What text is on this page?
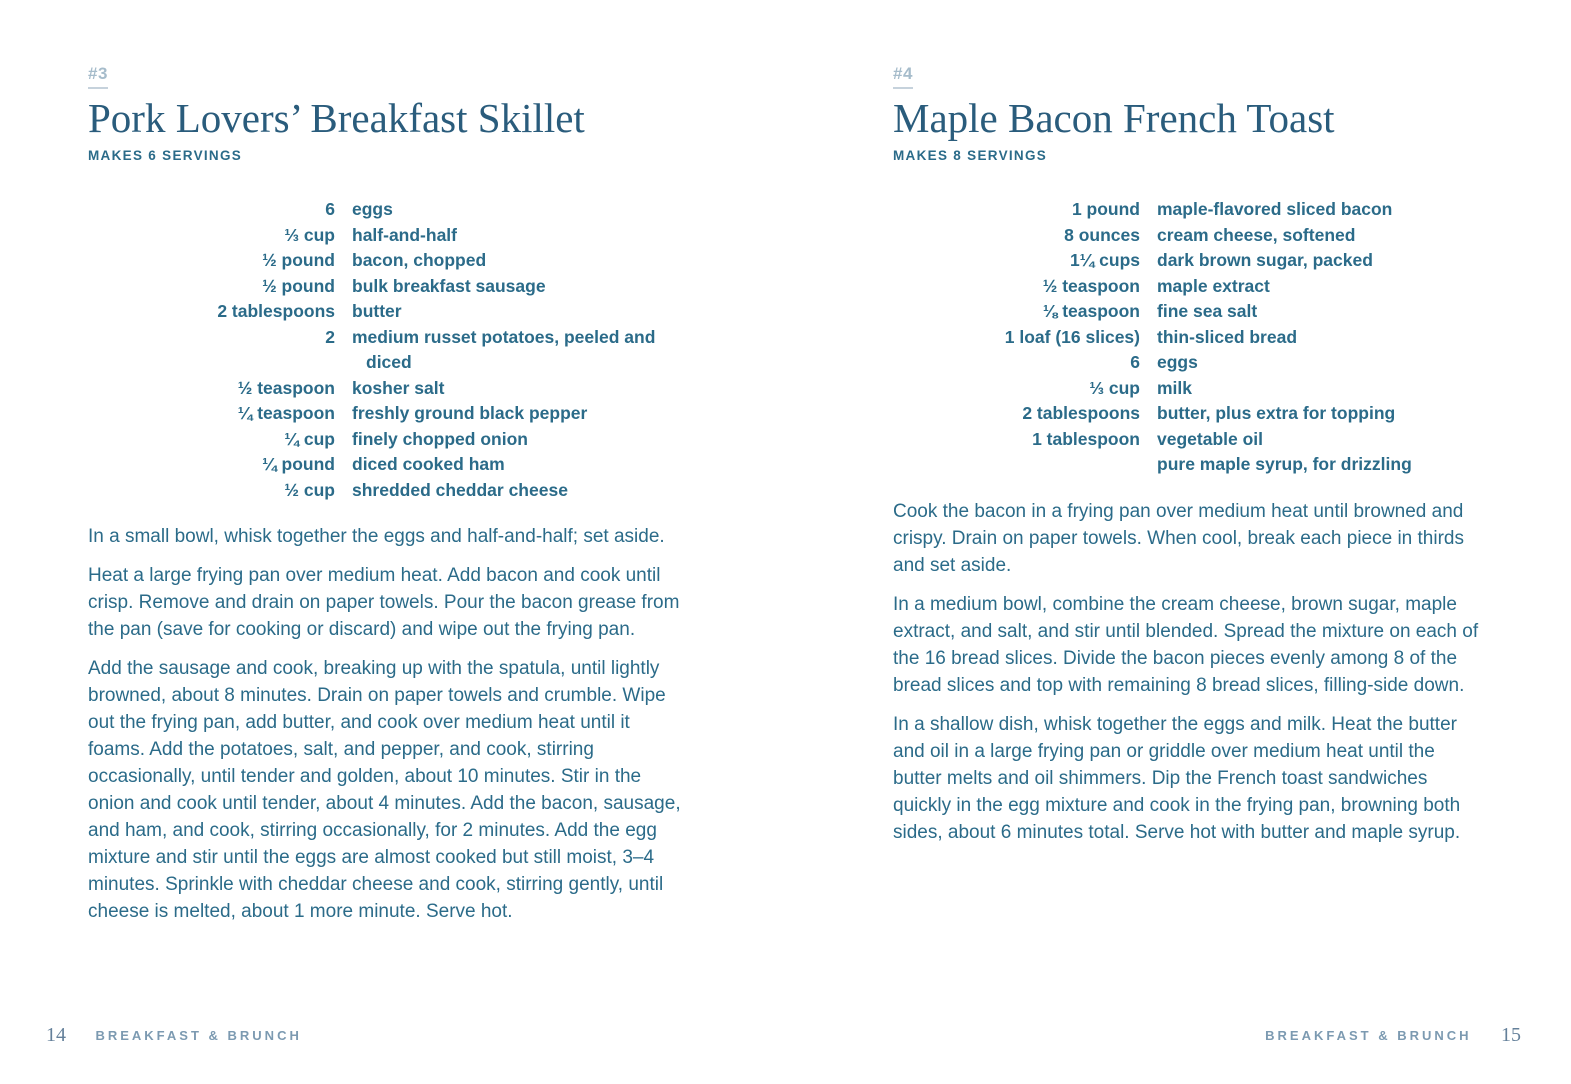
#3
Pork Lovers’ Breakfast Skillet
MAKES 6 SERVINGS
6 eggs
⅓ cup half-and-half
½ pound bacon, chopped
½ pound bulk breakfast sausage
2 tablespoons butter
2 medium russet potatoes, peeled and diced
½ teaspoon kosher salt
¼ teaspoon freshly ground black pepper
¼ cup finely chopped onion
¼ pound diced cooked ham
½ cup shredded cheddar cheese

In a small bowl, whisk together the eggs and half-and-half; set aside.

Heat a large frying pan over medium heat. Add bacon and cook until crisp. Remove and drain on paper towels. Pour the bacon grease from the pan (save for cooking or discard) and wipe out the frying pan.

Add the sausage and cook, breaking up with the spatula, until lightly browned, about 8 minutes. Drain on paper towels and crumble. Wipe out the frying pan, add butter, and cook over medium heat until it foams. Add the potatoes, salt, and pepper, and cook, stirring occasionally, until tender and golden, about 10 minutes. Stir in the onion and cook until tender, about 4 minutes. Add the bacon, sausage, and ham, and cook, stirring occasionally, for 2 minutes. Add the egg mixture and stir until the eggs are almost cooked but still moist, 3–4 minutes. Sprinkle with cheddar cheese and cook, stirring gently, until cheese is melted, about 1 more minute. Serve hot.

#4
Maple Bacon French Toast
MAKES 8 SERVINGS
1 pound maple-flavored sliced bacon
8 ounces cream cheese, softened
1¼ cups dark brown sugar, packed
½ teaspoon maple extract
⅛ teaspoon fine sea salt
1 loaf (16 slices) thin-sliced bread
6 eggs
⅓ cup milk
2 tablespoons butter, plus extra for topping
1 tablespoon vegetable oil
pure maple syrup, for drizzling

Cook the bacon in a frying pan over medium heat until browned and crispy. Drain on paper towels. When cool, break each piece in thirds and set aside.

In a medium bowl, combine the cream cheese, brown sugar, maple extract, and salt, and stir until blended. Spread the mixture on each of the 16 bread slices. Divide the bacon pieces evenly among 8 of the bread slices and top with remaining 8 bread slices, filling-side down.

In a shallow dish, whisk together the eggs and milk. Heat the butter and oil in a large frying pan or griddle over medium heat until the butter melts and oil shimmers. Dip the French toast sandwiches quickly in the egg mixture and cook in the frying pan, browning both sides, about 6 minutes total. Serve hot with butter and maple syrup.

14 BREAKFAST & BRUNCH	BREAKFAST & BRUNCH 15
